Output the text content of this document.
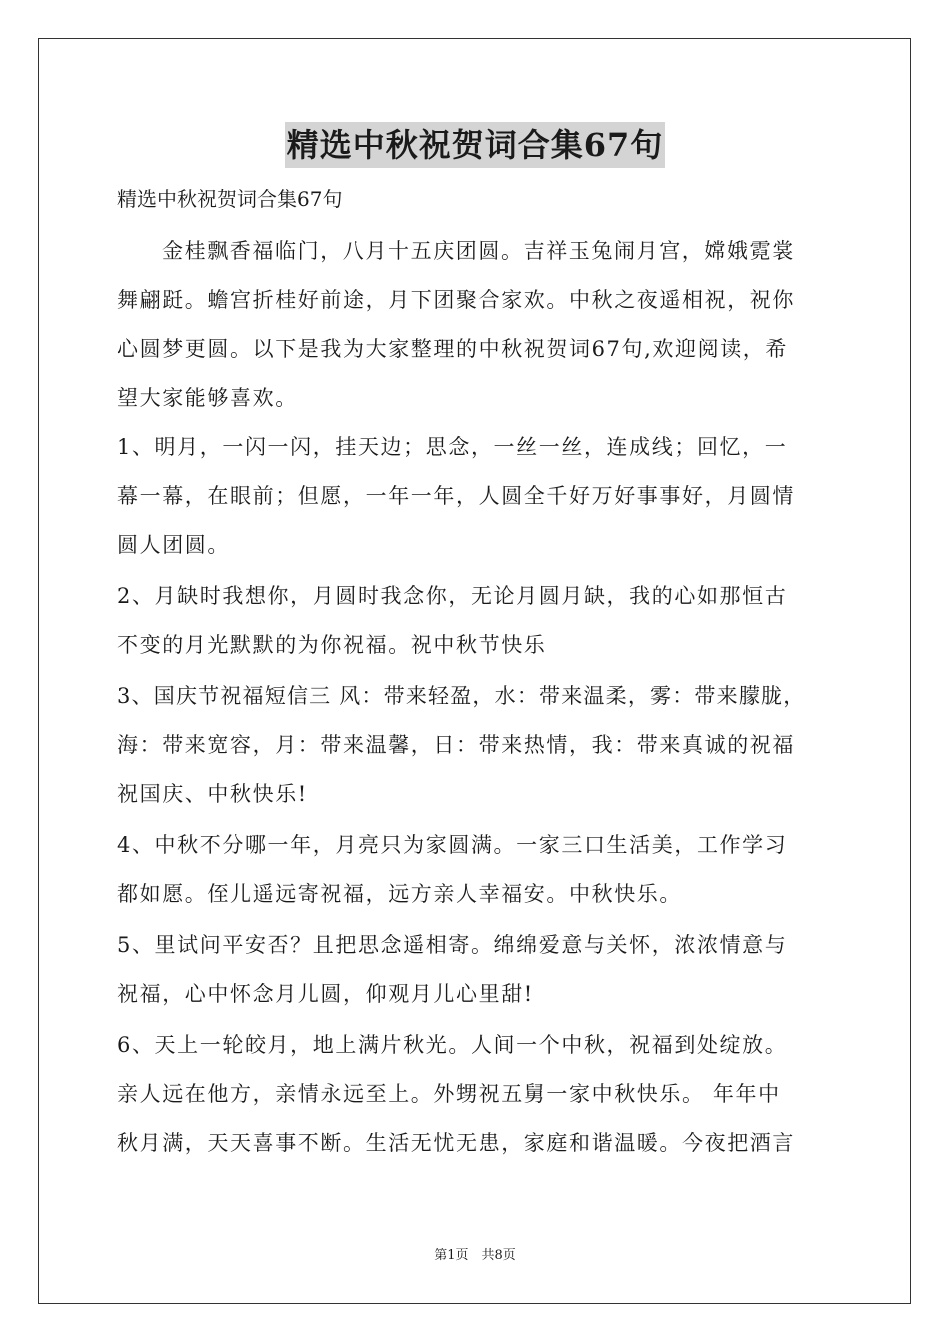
精选中秋祝贺词合集67句

精选中秋祝贺词合集67句

金桂飘香福临门，八月十五庆团圆。吉祥玉兔闹月宫，嫦娥霓裳

舞翩跹。蟾宫折桂好前途，月下团聚合家欢。中秋之夜遥相祝，祝你

心圆梦更圆。以下是我为大家整理的中秋祝贺词67句,欢迎阅读，希

望大家能够喜欢。

1、明月，一闪一闪，挂天边；思念，一丝一丝，连成线；回忆，一

幕一幕，在眼前；但愿，一年一年，人圆全千好万好事事好，月圆情

圆人团圆。

2、月缺时我想你，月圆时我念你，无论月圆月缺，我的心如那恒古

不变的月光默默的为你祝福。祝中秋节快乐

3、国庆节祝福短信三 风：带来轻盈，水：带来温柔，雾：带来朦胧，

海：带来宽容，月：带来温馨，日：带来热情，我：带来真诚的祝福

祝国庆、中秋快乐!

4、中秋不分哪一年，月亮只为家圆满。一家三口生活美，工作学习

都如愿。侄儿遥远寄祝福，远方亲人幸福安。中秋快乐。

5、里试问平安否？且把思念遥相寄。绵绵爱意与关怀，浓浓情意与

祝福，心中怀念月儿圆，仰观月儿心里甜!

6、天上一轮皎月，地上满片秋光。人间一个中秋，祝福到处绽放。

亲人远在他方，亲情永远至上。外甥祝五舅一家中秋快乐。 年年中

秋月满，天天喜事不断。生活无忧无患，家庭和谐温暖。今夜把酒言

第1页　共8页
